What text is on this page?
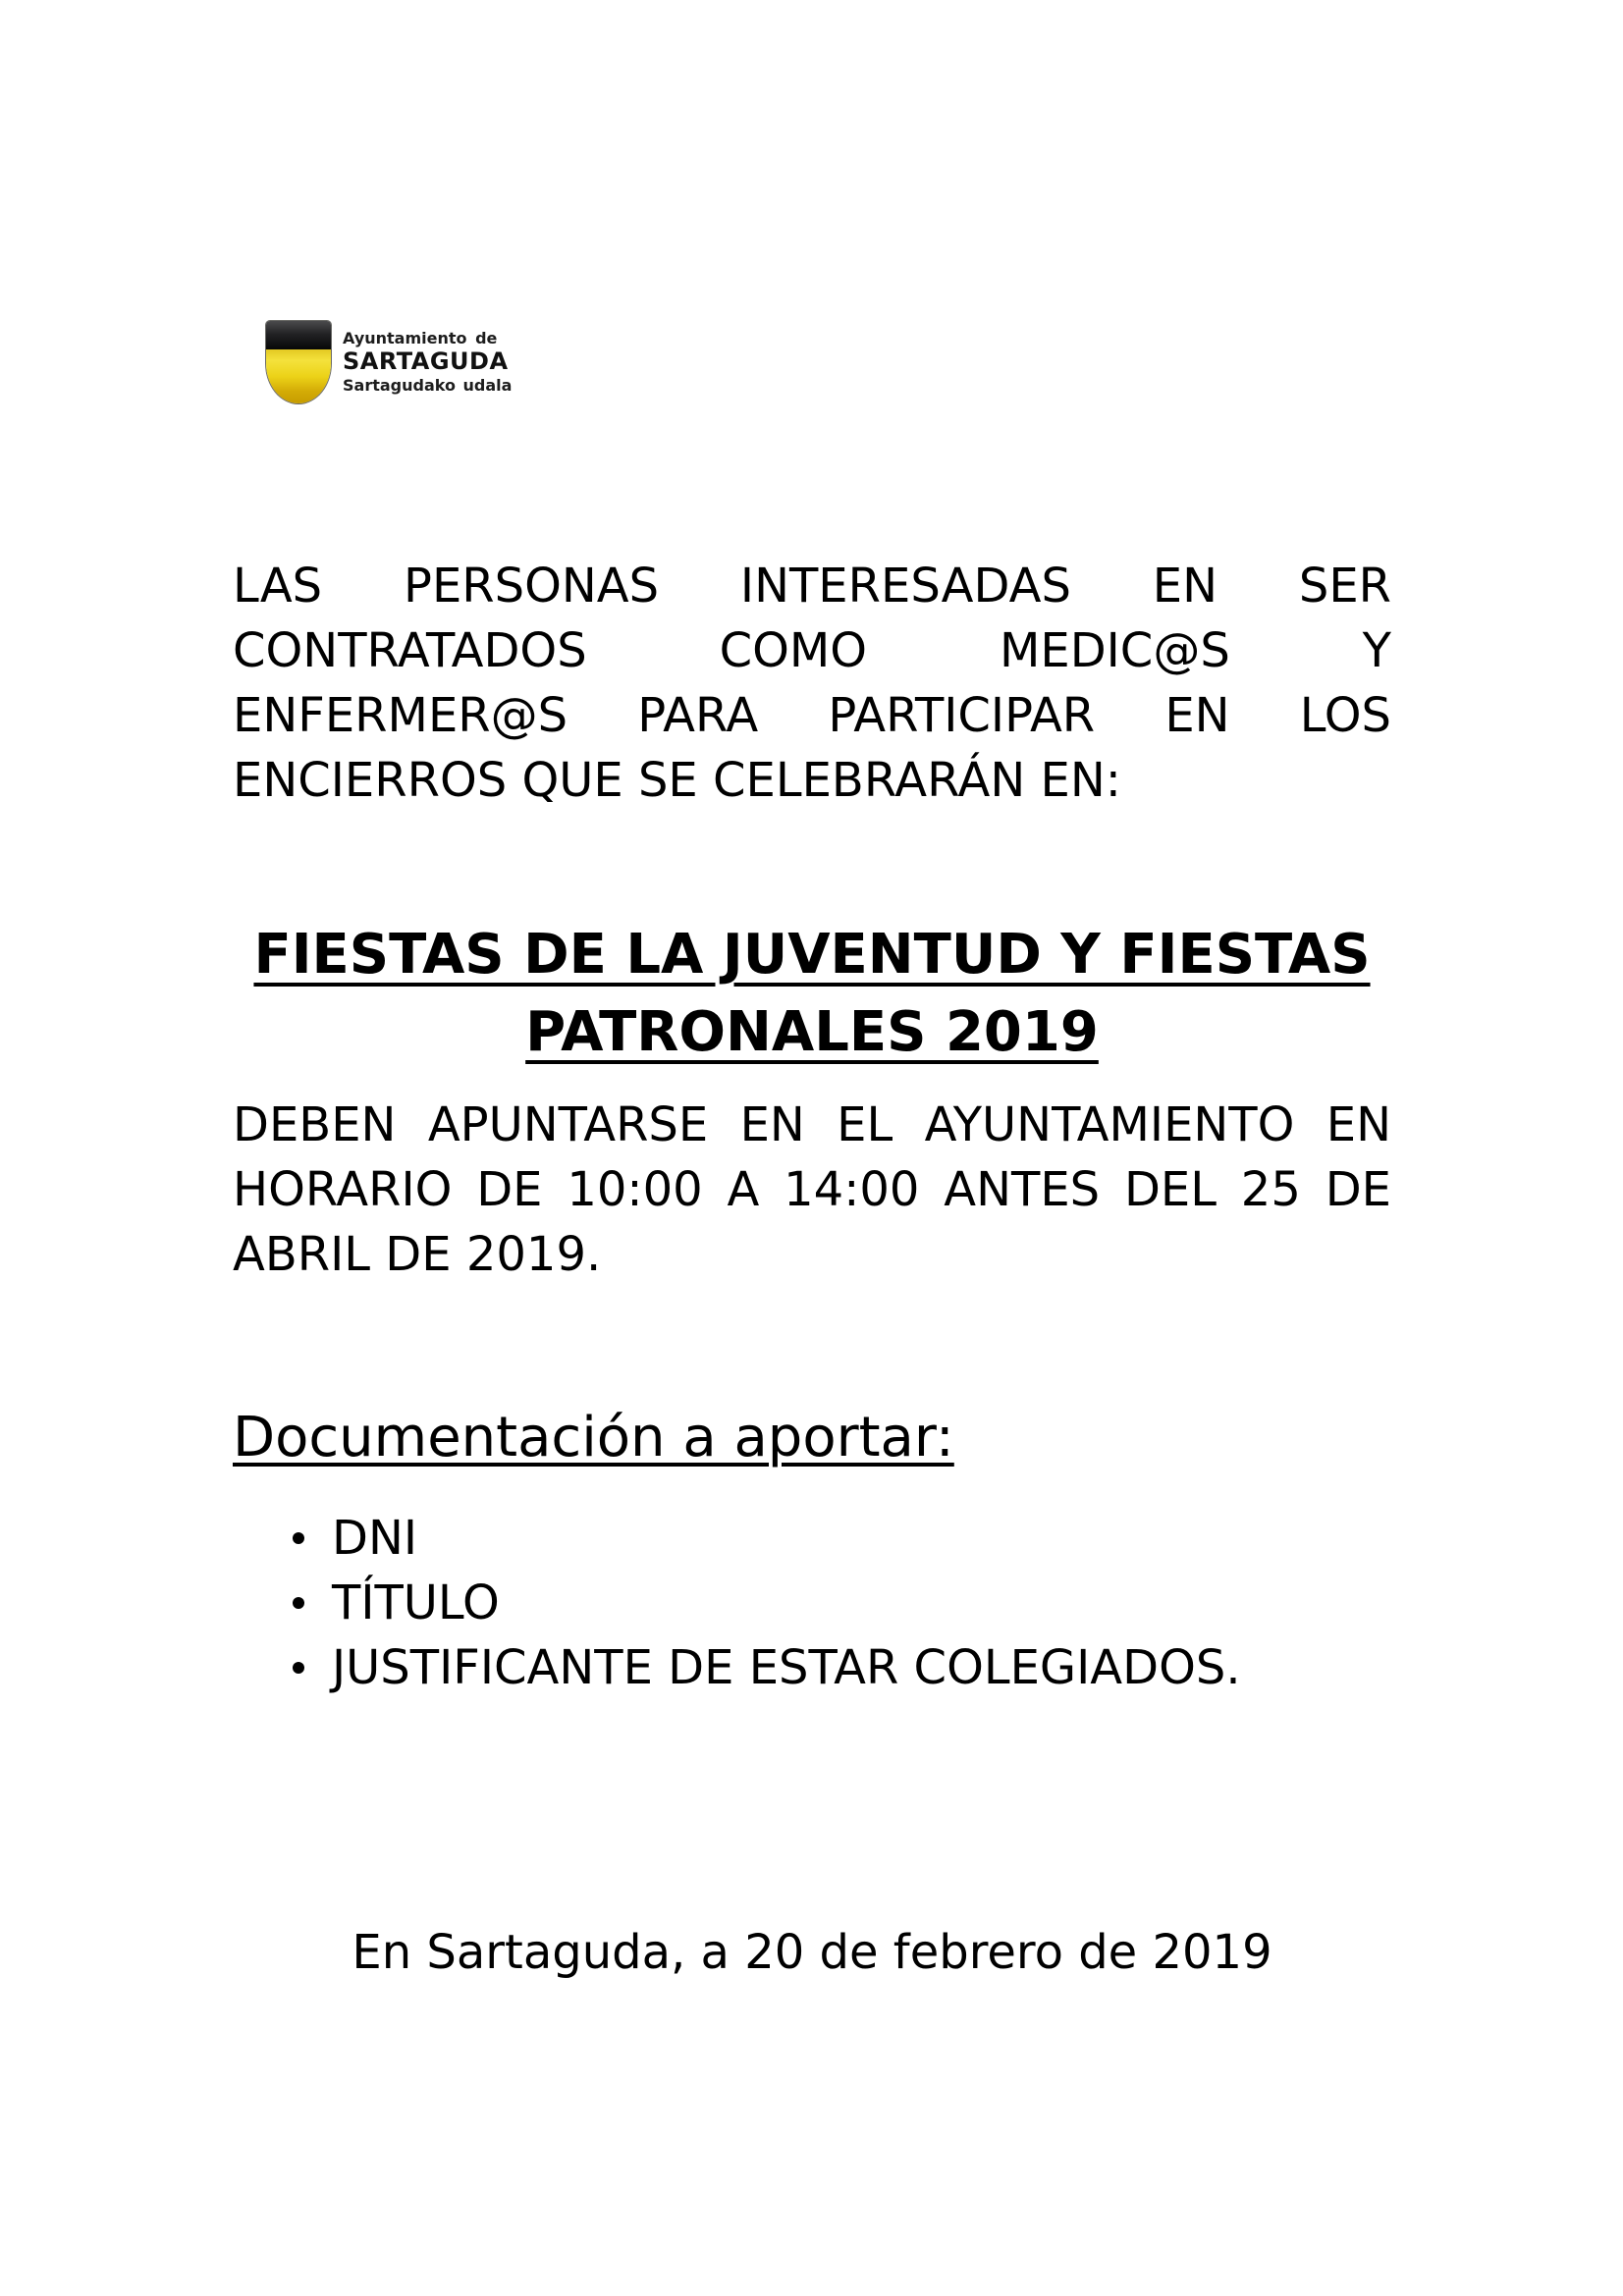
Ayuntamiento de
SARTAGUDA
Sartagudako udala
LAS PERSONAS INTERESADAS EN SER
CONTRATADOS COMO MEDIC@S Y
ENFERMER@S PARA PARTICIPAR EN LOS
ENCIERROS QUE SE CELEBRARÁN EN:
FIESTAS DE LA JUVENTUD Y FIESTAS
PATRONALES 2019
DEBEN APUNTARSE EN EL AYUNTAMIENTO EN
HORARIO DE 10:00 A 14:00 ANTES DEL 25 DE
ABRIL DE 2019.
Documentación a aportar:
DNI
TÍTULO
JUSTIFICANTE DE ESTAR COLEGIADOS.
En Sartaguda, a 20 de febrero de 2019
